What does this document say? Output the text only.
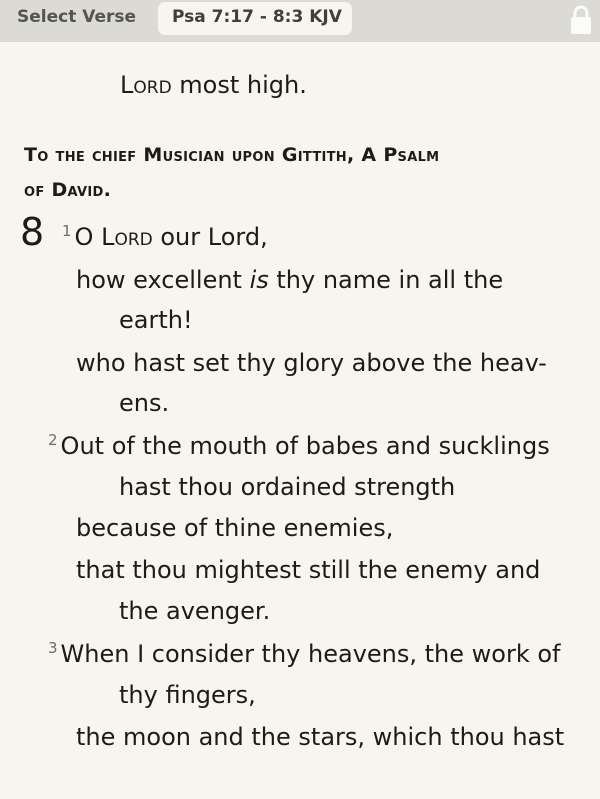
Select Verse Psa 7:17 - 8:3 KJV
Lord most high.
To the chief Musician upon Gittith, A Psalm
of David.
8 $^1$ O Lord our Lord,
how excellent is thy name in all the
earth!
who hast set thy glory above the heav-
ens.
$^2$ Out of the mouth of babes and sucklings
hast thou ordained strength
because of thine enemies,
that thou mightest still the enemy and
the avenger.
$^3$ When I consider thy heavens, the work of
thy fingers,
the moon and the stars, which thou hast
